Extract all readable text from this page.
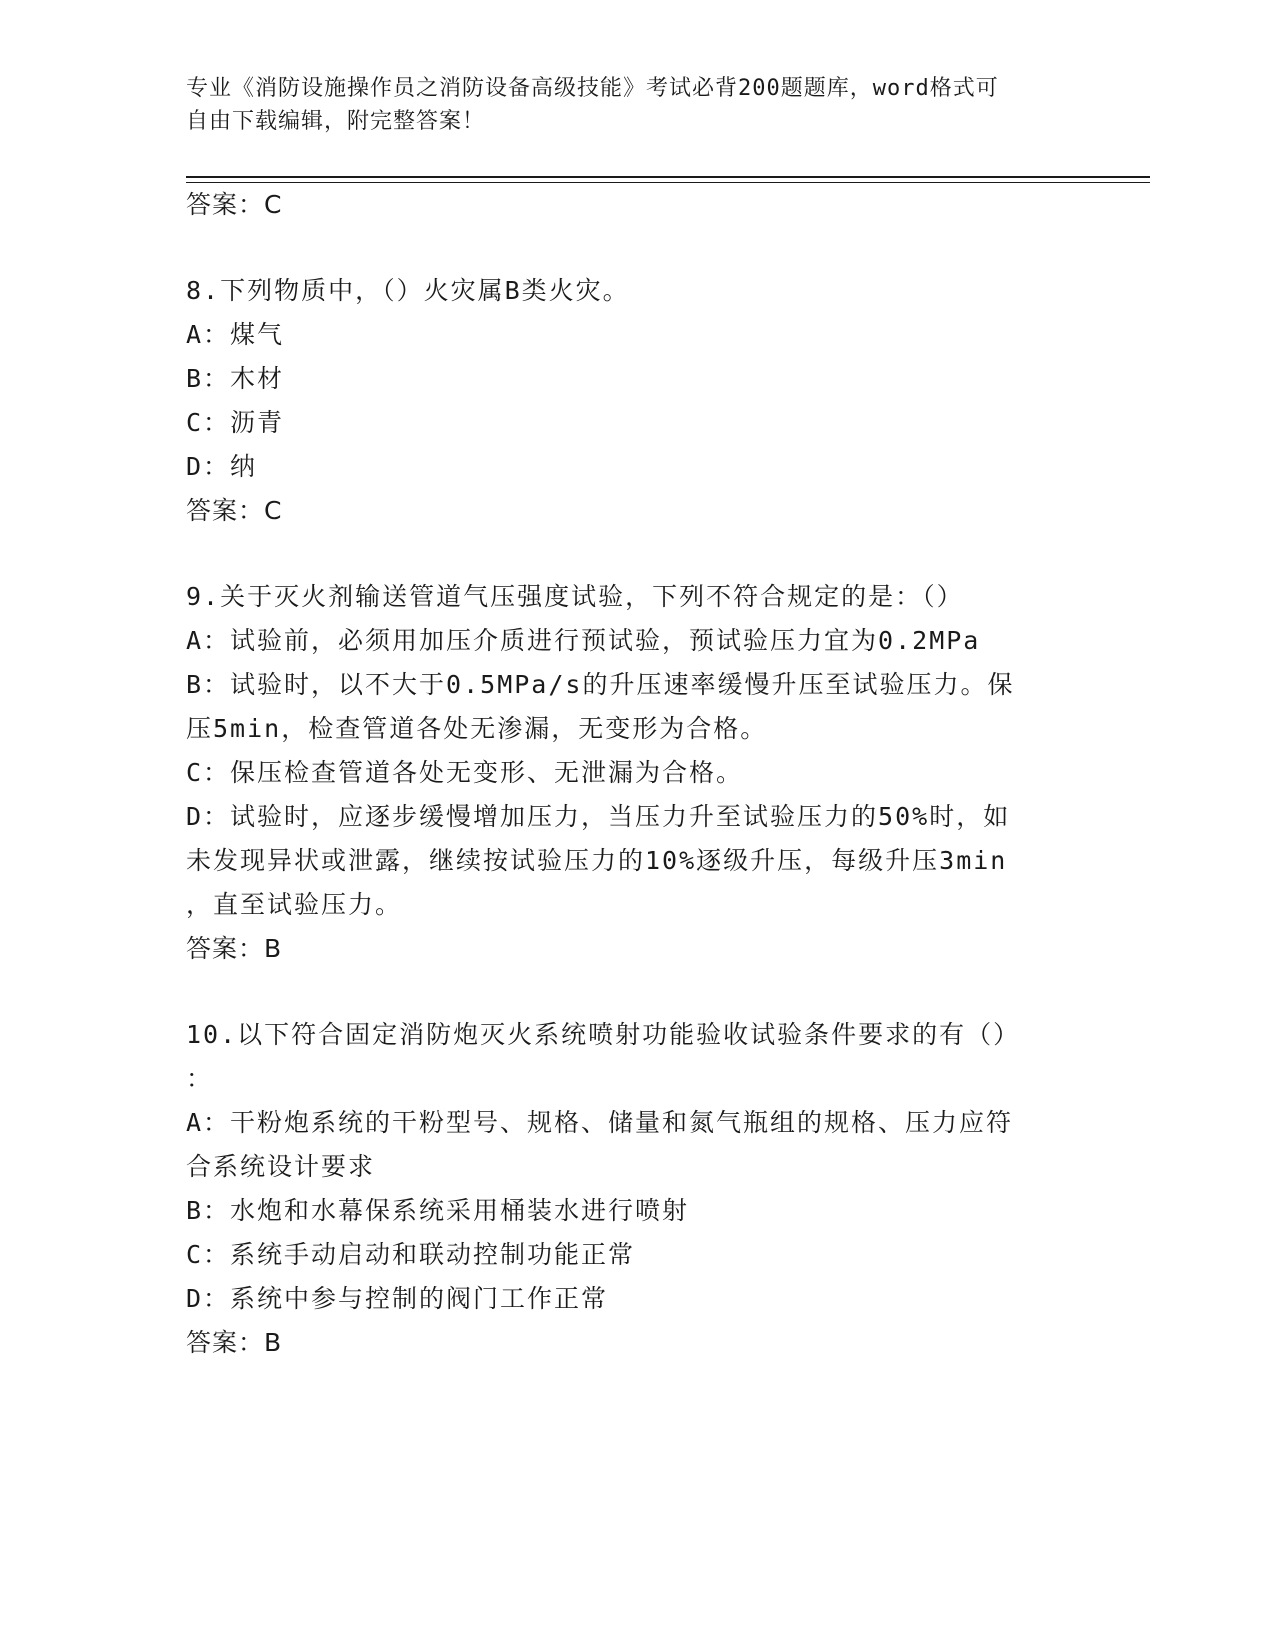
专业《消防设施操作员之消防设备高级技能》考试必背200题题库，word格式可
自由下载编辑，附完整答案！
答案：C
8.下列物质中，（）火灾属B类火灾。
A：煤气
B：木材
C：沥青
D：纳
答案：C
9.关于灭火剂输送管道气压强度试验，下列不符合规定的是：（）
A：试验前，必须用加压介质进行预试验，预试验压力宜为0.2MPa
B：试验时，以不大于0.5MPa/s的升压速率缓慢升压至试验压力。保
压5min，检查管道各处无渗漏，无变形为合格。
C：保压检查管道各处无变形、无泄漏为合格。
D：试验时，应逐步缓慢增加压力，当压力升至试验压力的50%时，如
未发现异状或泄露，继续按试验压力的10%逐级升压，每级升压3min
，直至试验压力。
答案：B
10.以下符合固定消防炮灭火系统喷射功能验收试验条件要求的有（）
：
A：干粉炮系统的干粉型号、规格、储量和氮气瓶组的规格、压力应符
合系统设计要求
B：水炮和水幕保系统采用桶装水进行喷射
C：系统手动启动和联动控制功能正常
D：系统中参与控制的阀门工作正常
答案：B
